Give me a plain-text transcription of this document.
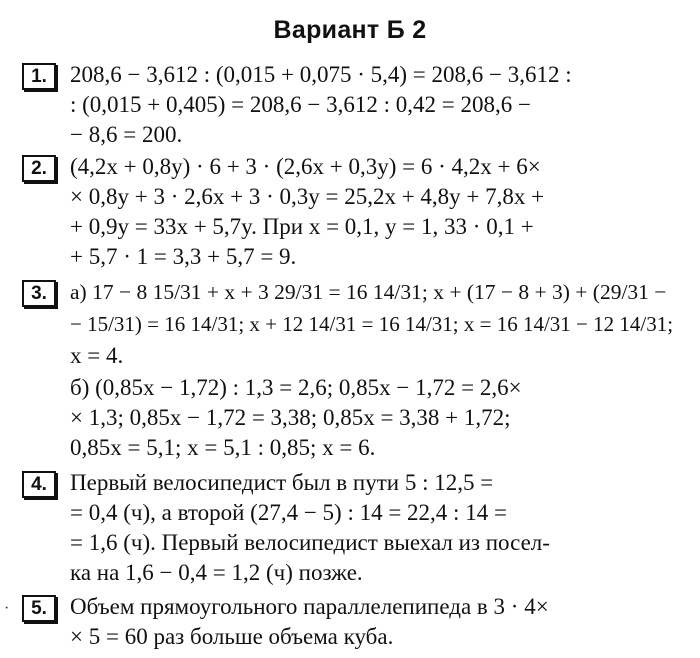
Вариант Б 2
1.	208,6 − 3,612 : (0,015 + 0,075 · 5,4) = 208,6 − 3,612 :
: (0,015 + 0,405) = 208,6 − 3,612 : 0,42 = 208,6 −
− 8,6 = 200.
2.	(4,2x + 0,8y) · 6 + 3 · (2,6x + 0,3y) = 6 · 4,2x + 6×
× 0,8y + 3 · 2,6x + 3 · 0,3y = 25,2x + 4,8y + 7,8x +
+ 0,9y = 33x + 5,7y. При x = 0,1, y = 1, 33 · 0,1 +
+ 5,7 · 1 = 3,3 + 5,7 = 9.
3.	а) 17 − 8 15/31 + x + 3 29/31 = 16 14/31; x + (17 − 8 + 3) + (29/31 −
− 15/31) = 16 14/31; x + 12 14/31 = 16 14/31; x = 16 14/31 − 12 14/31;
x = 4.
б) (0,85x − 1,72) : 1,3 = 2,6; 0,85x − 1,72 = 2,6×
× 1,3; 0,85x − 1,72 = 3,38; 0,85x = 3,38 + 1,72;
0,85x = 5,1; x = 5,1 : 0,85; x = 6.
4.	Первый велосипедист был в пути 5 : 12,5 =
= 0,4 (ч), а второй (27,4 − 5) : 14 = 22,4 : 14 =
= 1,6 (ч). Первый велосипедист выехал из посел-
ка на 1,6 − 0,4 = 1,2 (ч) позже.
5.	Объем прямоугольного параллелепипеда в 3 · 4×
× 5 = 60 раз больше объема куба.
·
